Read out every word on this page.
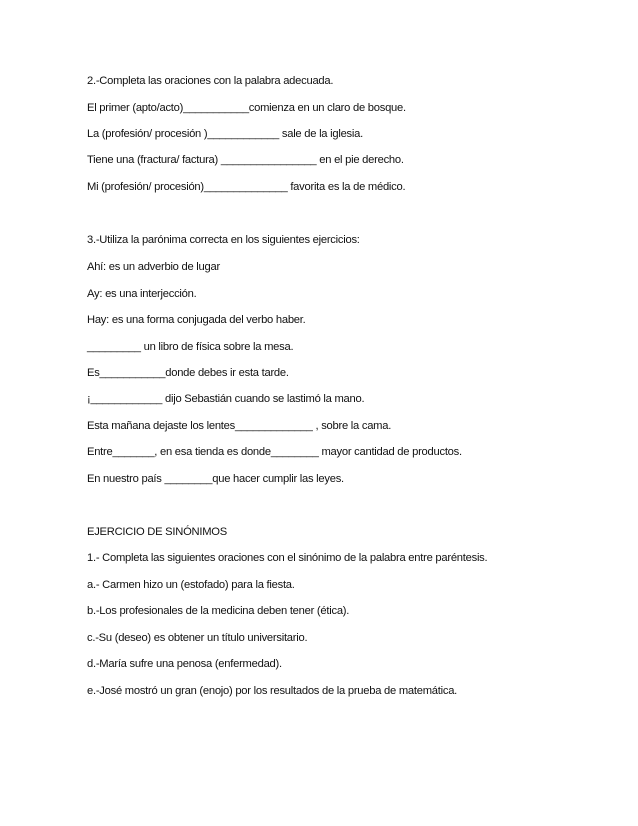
2.-Completa las oraciones con la palabra adecuada.
El primer (apto/acto)___________comienza en un claro de bosque.
La (profesión/ procesión )____________ sale de la iglesia.
Tiene una (fractura/ factura) ________________ en el pie derecho.
Mi (profesión/ procesión)______________ favorita es la de médico.
3.-Utiliza la parónima correcta en los siguientes ejercicios:
Ahí: es un adverbio de lugar
Ay: es una interjección.
Hay: es una forma conjugada del verbo haber.
_________ un libro de física sobre la mesa.
Es___________donde debes ir esta tarde.
¡____________ dijo Sebastián cuando se lastimó la mano.
Esta mañana dejaste los lentes_____________ , sobre la cama.
Entre_______, en esa tienda es donde________ mayor cantidad de productos.
En nuestro país ________que hacer cumplir las leyes.
EJERCICIO DE SINÓNIMOS
1.- Completa las siguientes oraciones con el sinónimo de la palabra entre paréntesis.
a.- Carmen hizo un (estofado) para la fiesta.
b.-Los profesionales de la medicina deben tener (ética).
c.-Su (deseo) es obtener un título universitario.
d.-María sufre una penosa (enfermedad).
e.-José mostró un gran (enojo) por los resultados de la prueba de matemática.
